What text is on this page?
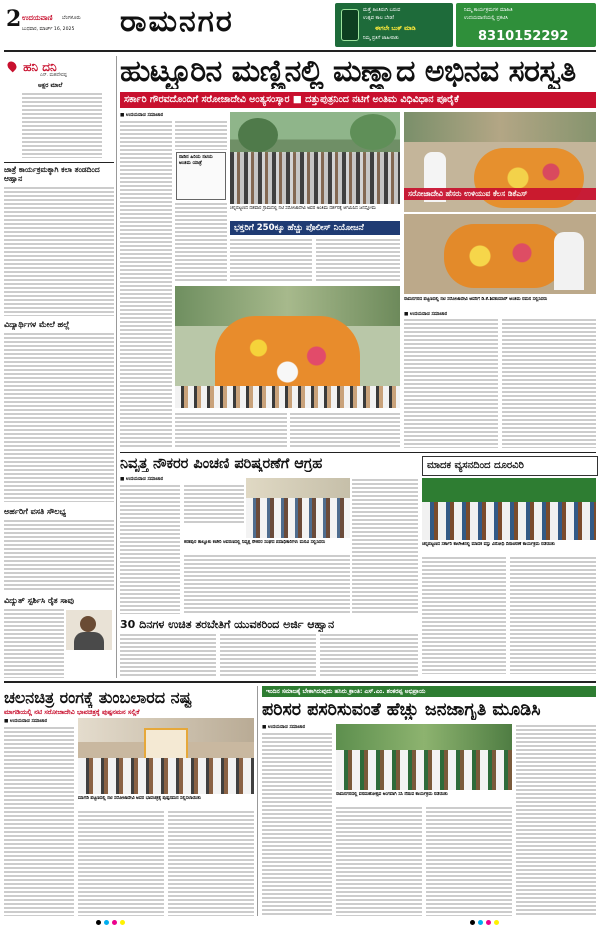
2 ಉದಯವಾಣಿ ಬೆಂಗಳೂರು
ಬುಧವಾರ, ಮಾರ್ಚ್ 16, 2025 ರಾಮನಗರ	ಮತ್ತೆ ಹಿಂತಿರುಗಿ ಬರುವ
ಉತ್ಸವ ಕಾಲ ಬೇಡ!
ಈಗಲೇ ಬುಕ್ ಮಾಡಿ
ನಿಮ್ಮ ಪ್ರತಿಗೆ ಜಾಹೀರಾತು
ನಿಮ್ಮ ಕಾರ್ಯಕ್ರಮಗಳ ಮಾಹಿತಿ
ಉದಯವಾಣಿಯಲ್ಲಿ ಪ್ರಕಟಿಸಿ
8310152292
ಹನಿ ದನಿ
ಎನ್. ಮಹದೇವಪ್ಪ
ಅಕ್ಷರ ಮಾಲೆ
ಜಾತ್ರೆ ಕಾರ್ಯಕ್ರಮಕ್ಕಾಗಿ ಕಲಾ ತಂಡದಿಂದ ಆಹ್ವಾನ
ವಿದ್ಯಾರ್ಥಿಗಳ ಮೇಲೆ ಹಲ್ಲೆ
ಅರ್ಹರಿಗೆ ವಸತಿ ಸೌಲಭ್ಯ
ವಿದ್ಯುತ್ ಸ್ಪರ್ಶಿಸಿ ರೈತ ಸಾವು
ಹುಟ್ಟೂರಿನ ಮಣ್ಣಿನಲ್ಲಿ ಮಣ್ಣಾದ ಅಭಿನವ ಸರಸ್ವತಿ
ಸರ್ಕಾರಿ ಗೌರವದೊಂದಿಗೆ ಸರೋಜಾದೇವಿ ಅಂತ್ಯಸಂಸ್ಕಾರ ■ ದತ್ತುಪುತ್ರನಿಂದ ನಟಿಗೆ ಅಂತಿಮ ವಿಧಿವಿಧಾನ ಪೂರೈಕೆ
■ ಉದಯವಾಣಿ ಸಮಾಚಾರ
ನಾಡಿನ ಹಿರಿಯ ನಟಿಯ ಅಂತಿಮ ಯಾತ್ರೆ
ಚನ್ನಪಟ್ಟಣದ ದಶವಾರ ಗ್ರಾಮದಲ್ಲಿ ನಟಿ ಸರೋಜಾದೇವಿ ಅವರ ಅಂತಿಮ ದರ್ಶನಕ್ಕೆ ಆಗಮಿಸಿದ ಜನಸ್ತೋಮ
ಭಕ್ತರಿಗೆ 250ಕ್ಕೂ ಹೆಚ್ಚು ಪೊಲೀಸ್ ನಿಯೋಜನೆ
ಸರೋಜಾದೇವಿ ಹೆಸರು ಉಳಿಯುವ ಕೆಲಸ ಡಿಕೆಎಸ್
ರಾಮನಗರದ ಪಟ್ಟಣದಲ್ಲಿ ನಟಿ ಸರೋಜಾದೇವಿ ಅವರಿಗೆ ಡಿ.ಕೆ.ಶಿವಕುಮಾರ್ ಅಂತಿಮ ನಮನ ಸಲ್ಲಿಸಿದರು
■ ಉದಯವಾಣಿ ಸಮಾಚಾರ
ನಿವೃತ್ತ ನೌಕರರ ಪಿಂಚಣಿ ಪರಿಷ್ಕರಣೆಗೆ ಆಗ್ರಹ
■ ಉದಯವಾಣಿ ಸಮಾಚಾರ
ಕನಕಪುರ ತಾಲ್ಲೂಕು ಕಚೇರಿ ಆವರಣದಲ್ಲಿ ನಿವೃತ್ತ ನೌಕರರ ಸಂಘದ ಪದಾಧಿಕಾರಿಗಳು ಮನವಿ ಸಲ್ಲಿಸಿದರು
ಮಾದಕ ವ್ಯಸನದಿಂದ ದೂರವಿರಿ
ಚನ್ನಪಟ್ಟಣದ ಸರ್ಕಾರಿ ಕಾಲೇಜಿನಲ್ಲಿ ಮಾದಕ ವಸ್ತು ವಿರೋಧಿ ದಿನಾಚರಣೆ ಕಾರ್ಯಕ್ರಮ ನಡೆಯಿತು
30 ದಿನಗಳ ಉಚಿತ ತರಬೇತಿಗೆ ಯುವಕರಿಂದ ಅರ್ಜಿ ಆಹ್ವಾನ
ಚಲನಚಿತ್ರ ರಂಗಕ್ಕೆ ತುಂಬಲಾರದ ನಷ್ಟ
ಮಾಗಡಿಯಲ್ಲಿ ನಟಿ ಸರೋಜಾದೇವಿ ಭಾವಚಿತ್ರಕ್ಕೆ ಪುಷ್ಪನಮನ ಸಲ್ಲಿಕೆ
■ ಉದಯವಾಣಿ ಸಮಾಚಾರ
ಮಾಗಡಿ ಪಟ್ಟಣದಲ್ಲಿ ನಟಿ ಸರೋಜಾದೇವಿ ಅವರ ಭಾವಚಿತ್ರಕ್ಕೆ ಪುಷ್ಪನಮನ ಸಲ್ಲಿಸಲಾಯಿತು
ಇಂದಿನ ಸಮಾಜಕ್ಕೆ ಬೇಕಾಗಿರುವುದು ಹಸಿರು ಕ್ರಾಂತಿ: ಎಸ್.ಎಂ. ಶಂಕರಪ್ಪ ಅಭಿಪ್ರಾಯ
ಪರಿಸರ ಪಸರಿಸುವಂತೆ ಹೆಚ್ಚು ಜನಜಾಗೃತಿ ಮೂಡಿಸಿ
■ ಉದಯವಾಣಿ ಸಮಾಚಾರ
ರಾಮನಗರದಲ್ಲಿ ವನಮಹೋತ್ಸವ ಅಂಗವಾಗಿ ಸಸಿ ನೆಡುವ ಕಾರ್ಯಕ್ರಮ ನಡೆಯಿತು
